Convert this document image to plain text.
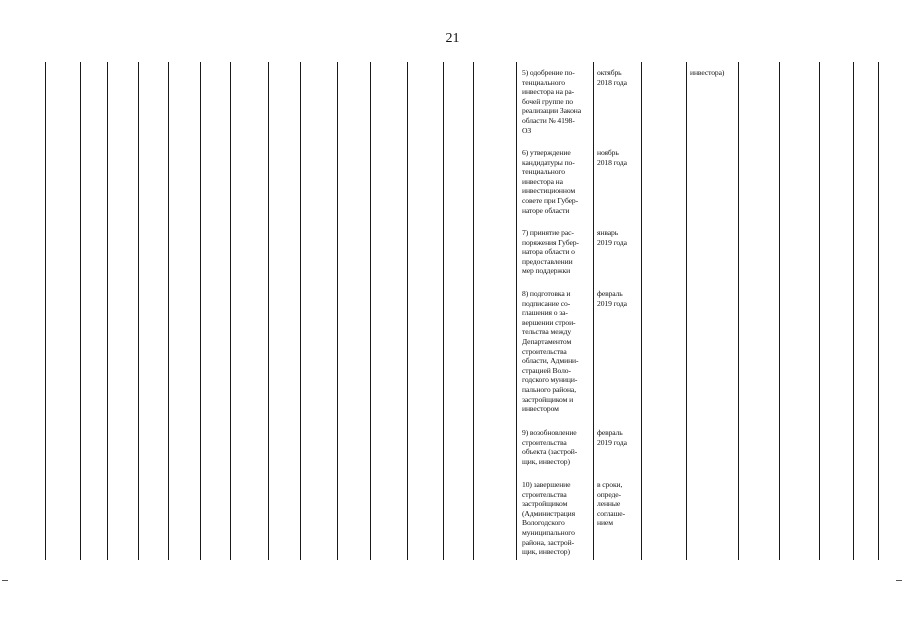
21
5) одобрение по-
тенциального
инвестора на ра-
бочей группе по
реализации Закона
области № 4198-
ОЗ
октябрь
2018 года
6) утверждение
кандидатуры по-
тенциального
инвестора на
инвестиционном
совете при Губер-
наторе области
ноябрь
2018 года
7) принятие рас-
поряжения Губер-
натора области о
предоставлении
мер поддержки
январь
2019 года
8) подготовка и
подписание со-
глашения о за-
вершении строи-
тельства между
Департаментом
строительства
области, Админи-
страцией Воло-
годского муници-
пального района,
застройщиком и
инвестором
февраль
2019 года
9) возобновление
строительства
объекта (застрой-
щик, инвестор)
февраль
2019 года
10) завершение
строительства
застройщиком
(Администрация
Вологодского
муниципального
района, застрой-
щик, инвестор)
в сроки,
опреде-
ленные
соглаше-
нием
инвестора)
